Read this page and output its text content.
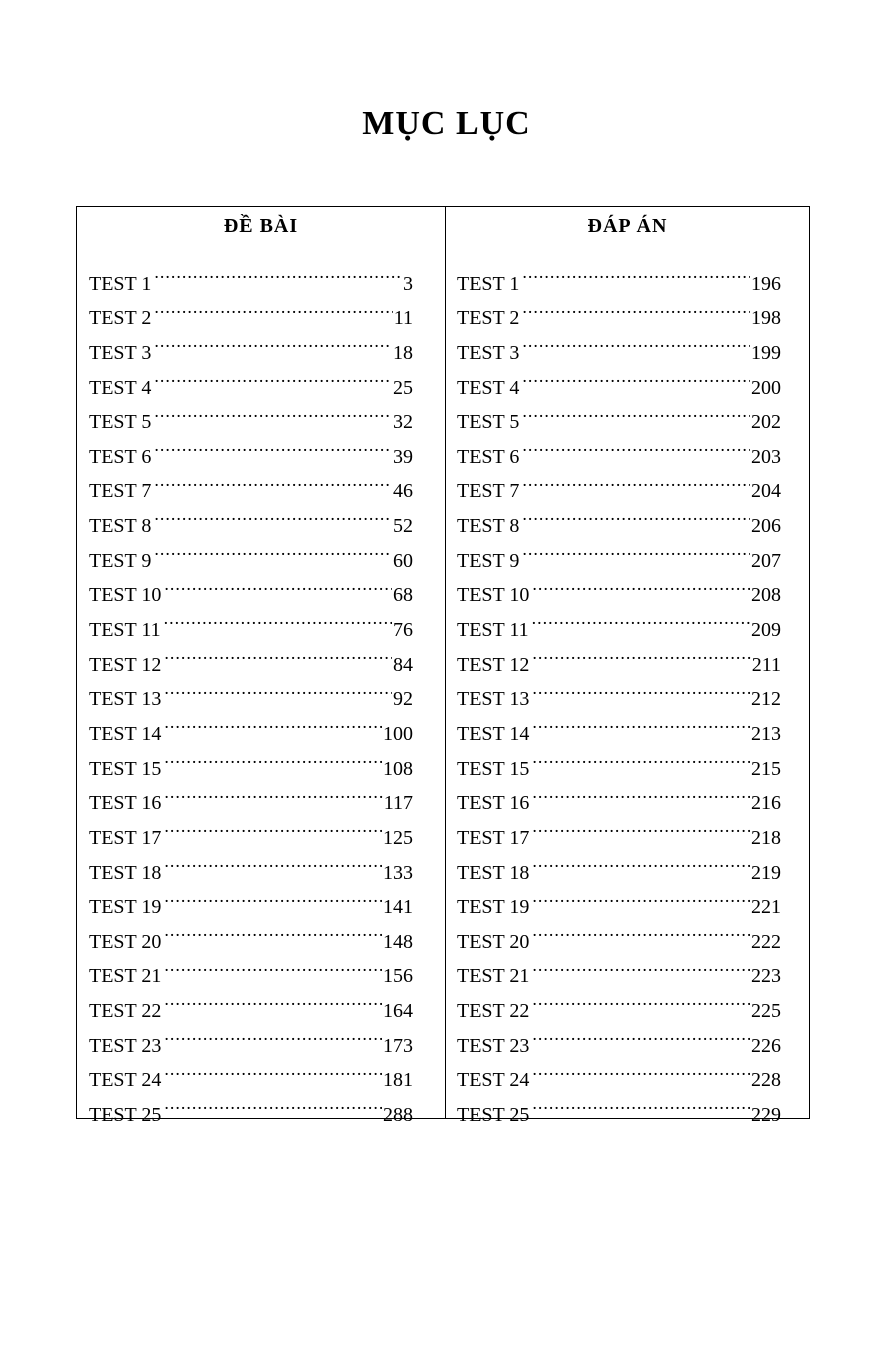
MỤC LỤC
ĐỀ BÀI
TEST 1 .....	3
TEST 2 .....	11
TEST 3 .....	18
TEST 4 .....	25
TEST 5 .....	32
TEST 6 .....	39
TEST 7 .....	46
TEST 8 .....	52
TEST 9 .....	60
TEST 10 .....	68
TEST 11 .....	76
TEST 12 .....	84
TEST 13 .....	92
TEST 14 .....	100
TEST 15 .....	108
TEST 16 .....	117
TEST 17 .....	125
TEST 18 .....	133
TEST 19 .....	141
TEST 20 .....	148
TEST 21 .....	156
TEST 22 .....	164
TEST 23 .....	173
TEST 24 .....	181
TEST 25 .....	288
ĐÁP ÁN
TEST 1 .....	196
TEST 2 .....	198
TEST 3 .....	199
TEST 4 .....	200
TEST 5 .....	202
TEST 6 .....	203
TEST 7 .....	204
TEST 8 .....	206
TEST 9 .....	207
TEST 10 .....	208
TEST 11 .....	209
TEST 12 .....	211
TEST 13 .....	212
TEST 14 .....	213
TEST 15 .....	215
TEST 16 .....	216
TEST 17 .....	218
TEST 18 .....	219
TEST 19 .....	221
TEST 20 .....	222
TEST 21 .....	223
TEST 22 .....	225
TEST 23 .....	226
TEST 24 .....	228
TEST 25 .....	229
